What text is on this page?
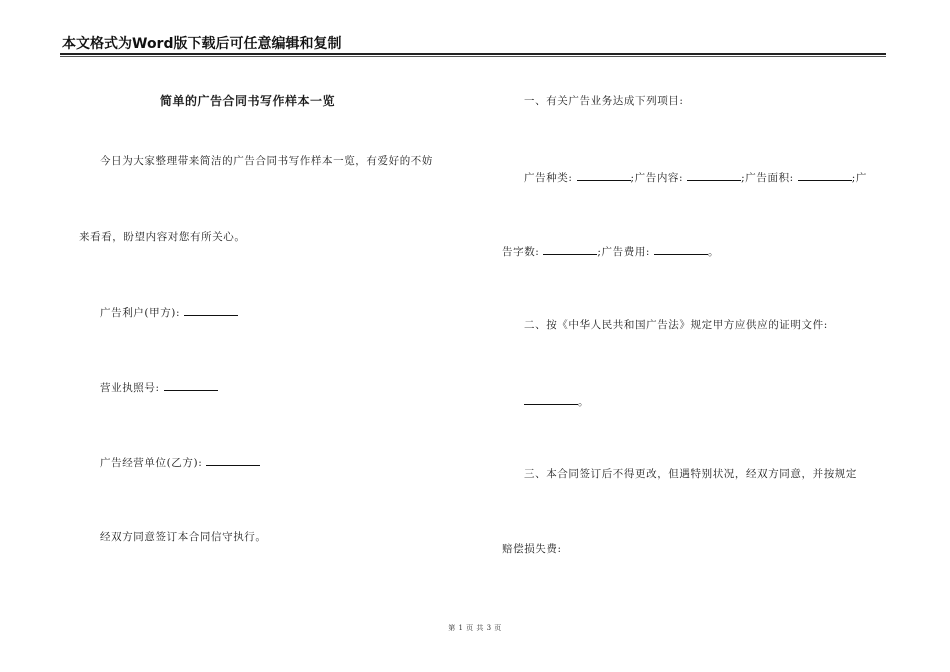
本文格式为Word版下载后可任意编辑和复制
简单的广告合同书写作样本一览
今日为大家整理带来简洁的广告合同书写作样本一览，有爱好的不妨
来看看，盼望内容对您有所关心。
广告利户(甲方):
营业执照号:
广告经营单位(乙方):
经双方同意签订本合同信守执行。
一、有关广告业务达成下列项目:
广告种类:	;广告内容:	;广告面积:	;广
告字数:	;广告费用:	。
二、按《中华人民共和国广告法》规定甲方应供应的证明文件:
。
三、本合同签订后不得更改，但遇特别状况，经双方同意，并按规定
赔偿损失费:
第 1 页 共 3 页
